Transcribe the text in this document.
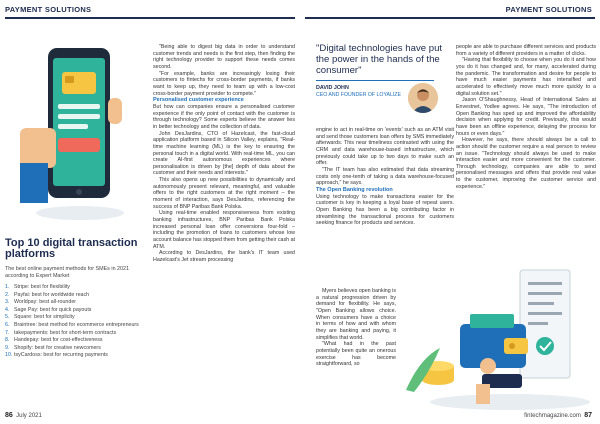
PAYMENT SOLUTIONS	PAYMENT SOLUTIONS
Top 10 digital transaction platforms

The best online payment methods for SMEs in 2021 according to Expert Market

1. Stripe: best for flexibility
2. Payfai: best for worldwide reach
3. Worldpay: best all-rounder
4. Sage Pay: best for quick payouts
5. Square: best for simplicity
6. Braintree: best method for ecommerce entrepreneurs
7. takepayments: best for short-term contracts
8. Handepay: best for cost-effectiveness
9. Shopify: best for creative newcomers
10. tsyCardoss: best for recurring payments

"Being able to digest big data in order to understand customer trends and needs is the first step, then finding the right technology provider to support these needs comes second.

"For example, banks are increasingly losing their customers to fintechs for cross-border payments, if banks want to keep up, they need to team up with a low-cost cross-border payment provider to compete."

Personalised customer experience

But how can companies ensure a personalised customer experience if the only point of contact with the customer is through technology? Some experts believe the answer lies in better technology and the collection of data.

John DesJardins, CTO of Hazelcast, the fast-cloud application platform based in Silicon Valley, explains, "Real-time machine learning (ML) is the key to ensuring the personal touch in a digital world. With real-time ML, you can create AI-first autonomous experiences where personalisation is driven by [the] depth of data about the customer and their needs and interests."

This also opens up new possibilities to dynamically and autonomously present relevant, meaningful, and valuable offers to the right customers at the right moment – the moment of interaction, says DesJardins, referencing the success of BNP Paribas Bank Polska.

Using real-time enabled responsiveness from existing banking infrastructures, BNP Paribas Bank Polska increased personal loan offer conversions four-fold – including the promotion of loans to customers whose low account balance has stopped them from getting their cash at ATM.

According to DesJardins, the bank's IT team used Hazelcast's Jet stream processing

"Digital technologies have put the power in the hands of the consumer"

DAVID JOHN
CEO AND FOUNDER OF LOYALIZE

engine to act in real-time on 'events' such as an ATM visit and send those customers loan offers by SMS immediately afterwards. This near timeliness contrasted with using the CRM and data warehouse-based infrastructure, which previously could take up to two days to make such an offer.

"The IT team has also estimated that data streaming costs only one-tenth of taking a data warehouse-focused approach," he says.

The Open Banking revolution

Using technology to make transactions easier for the customer is key in keeping a loyal base of repeat users. Open Banking has been a big contributing factor in streamlining the transactional process for customers seeking finance for products and services.

Myers believes open banking is a natural progression driven by demand for flexibility. He says, "Open Banking allows choice. When consumers have a choice in terms of how and with whom they are banking and paying, it simplifies that world.

"What had in the past potentially been quite an onerous exercise has become straightforward, so

people are able to purchase different services and products from a variety of different providers in a matter of clicks.

"Having that flexibility to choose when you do it and how you do it has changed and, for many, accelerated during the pandemic. The transformation and desire for people to have much easier payments has intensified and accelerated to effectively move much more quickly to a digital solution set."

Jason O'Shaughnessy, Head of International Sales at Envestnet, Yodlee agrees. He says, "The introduction of Open Banking has sped up and improved the affordability decision when applying for credit. Previously, this would have been an offline experience, delaying the process for hours or even days."

However, he says, there should always be a call to action should the customer require a real person to review an issue. "Technology should always be used to make interaction easier and more convenient for the customer. Through technology, companies are able to send personalised messages and offers that provide real value to the customer, improving the customer service and experience."

86 July 2021	fintechmagazine.com 87
